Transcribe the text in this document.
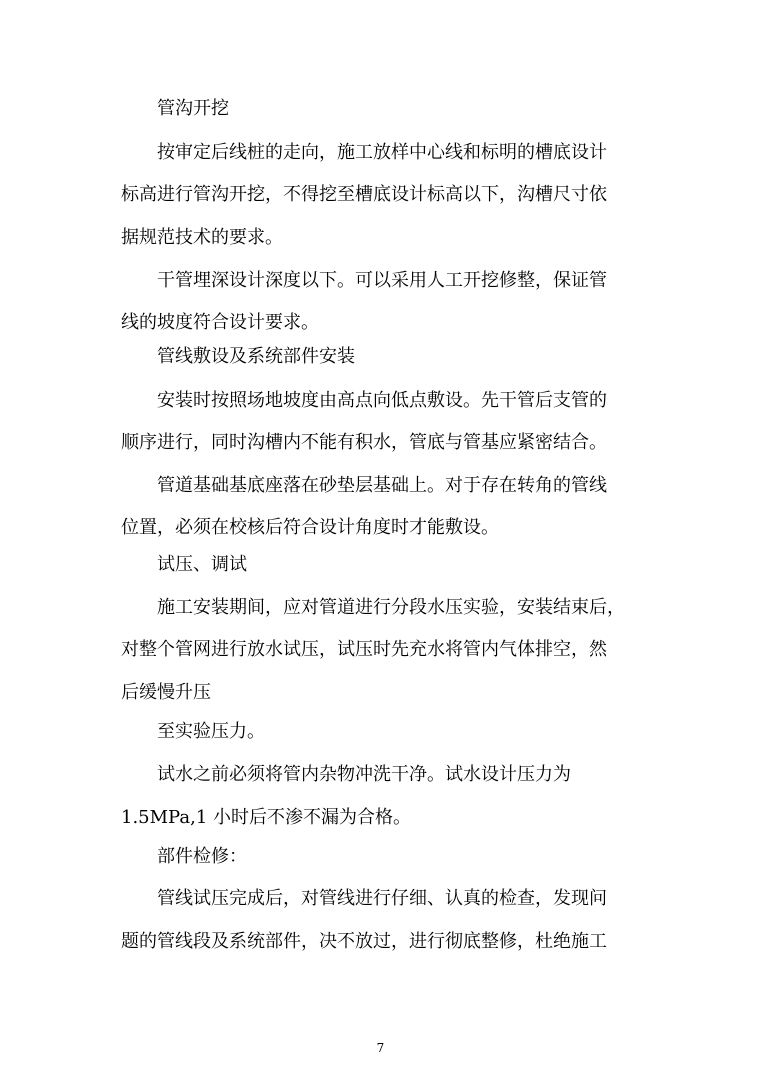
管沟开挖
按审定后线桩的走向，施工放样中心线和标明的槽底设计
标高进行管沟开挖，不得挖至槽底设计标高以下，沟槽尺寸依
据规范技术的要求。
干管埋深设计深度以下。可以采用人工开挖修整，保证管
线的坡度符合设计要求。
管线敷设及系统部件安装
安装时按照场地坡度由高点向低点敷设。先干管后支管的
顺序进行，同时沟槽内不能有积水，管底与管基应紧密结合。
管道基础基底座落在砂垫层基础上。对于存在转角的管线
位置，必须在校核后符合设计角度时才能敷设。
试压、调试
施工安装期间，应对管道进行分段水压实验，安装结束后，
对整个管网进行放水试压，试压时先充水将管内气体排空，然
后缓慢升压
至实验压力。
试水之前必须将管内杂物冲洗干净。试水设计压力为
1.5MPa,1 小时后不渗不漏为合格。
部件检修：
管线试压完成后，对管线进行仔细、认真的检查，发现问
题的管线段及系统部件，决不放过，进行彻底整修，杜绝施工
7
